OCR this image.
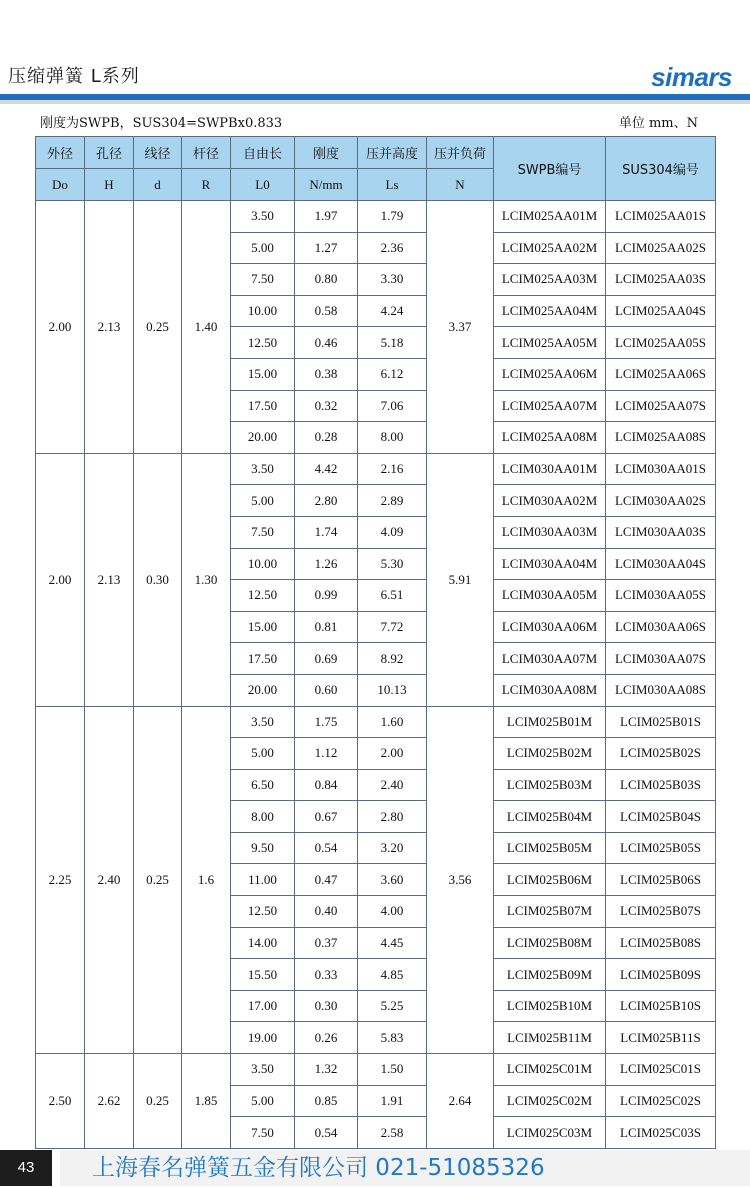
压缩弹簧 L系列	simars
刚度为SWPB，SUS304=SWPBx0.833	单位 mm、N
外径	孔径	线径	杆径	自由长	刚度	压并高度	压并负荷	SWPB编号	SUS304编号
Do	H	d	R	L0	N/mm	Ls	N		
2.00	2.13	0.25	1.40	3.50	1.97	1.79	3.37	LCIM025AA01M	LCIM025AA01S
				5.00	1.27	2.36		LCIM025AA02M	LCIM025AA02S
				7.50	0.80	3.30		LCIM025AA03M	LCIM025AA03S
				10.00	0.58	4.24		LCIM025AA04M	LCIM025AA04S
				12.50	0.46	5.18		LCIM025AA05M	LCIM025AA05S
				15.00	0.38	6.12		LCIM025AA06M	LCIM025AA06S
				17.50	0.32	7.06		LCIM025AA07M	LCIM025AA07S
				20.00	0.28	8.00		LCIM025AA08M	LCIM025AA08S
2.00	2.13	0.30	1.30	3.50	4.42	2.16	5.91	LCIM030AA01M	LCIM030AA01S
				5.00	2.80	2.89		LCIM030AA02M	LCIM030AA02S
				7.50	1.74	4.09		LCIM030AA03M	LCIM030AA03S
				10.00	1.26	5.30		LCIM030AA04M	LCIM030AA04S
				12.50	0.99	6.51		LCIM030AA05M	LCIM030AA05S
				15.00	0.81	7.72		LCIM030AA06M	LCIM030AA06S
				17.50	0.69	8.92		LCIM030AA07M	LCIM030AA07S
				20.00	0.60	10.13		LCIM030AA08M	LCIM030AA08S
2.25	2.40	0.25	1.6	3.50	1.75	1.60	3.56	LCIM025B01M	LCIM025B01S
				5.00	1.12	2.00		LCIM025B02M	LCIM025B02S
				6.50	0.84	2.40		LCIM025B03M	LCIM025B03S
				8.00	0.67	2.80		LCIM025B04M	LCIM025B04S
				9.50	0.54	3.20		LCIM025B05M	LCIM025B05S
				11.00	0.47	3.60		LCIM025B06M	LCIM025B06S
				12.50	0.40	4.00		LCIM025B07M	LCIM025B07S
				14.00	0.37	4.45		LCIM025B08M	LCIM025B08S
				15.50	0.33	4.85		LCIM025B09M	LCIM025B09S
				17.00	0.30	5.25		LCIM025B10M	LCIM025B10S
				19.00	0.26	5.83		LCIM025B11M	LCIM025B11S
2.50	2.62	0.25	1.85	3.50	1.32	1.50	2.64	LCIM025C01M	LCIM025C01S
				5.00	0.85	1.91		LCIM025C02M	LCIM025C02S
				7.50	0.54	2.58		LCIM025C03M	LCIM025C03S
43	上海春名弹簧五金有限公司 021-51085326
